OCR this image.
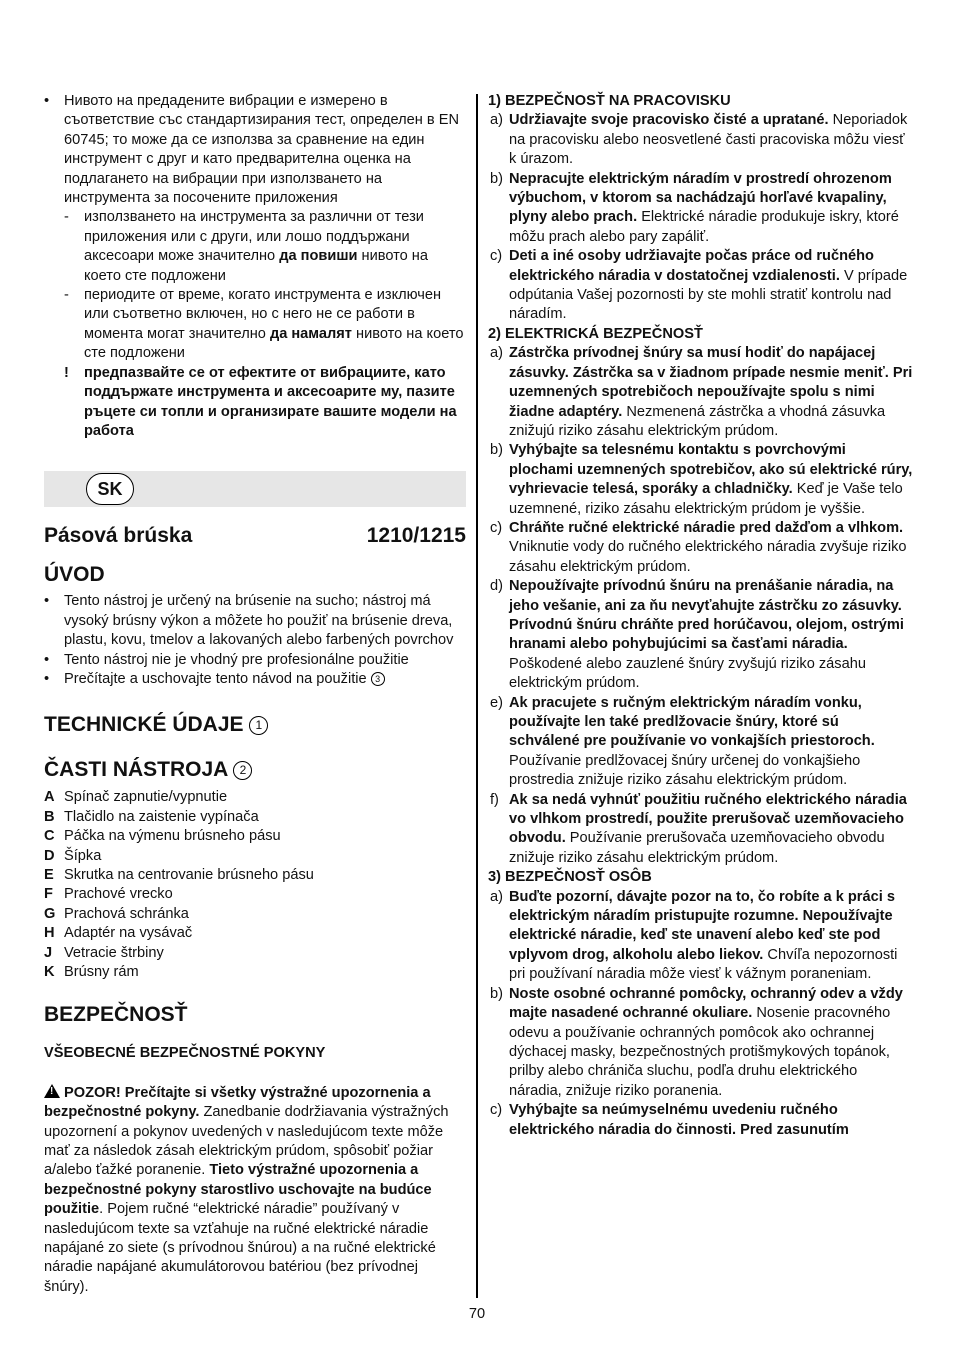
• Нивото на предадените вибрации е измерено в съответствие със стандартизирания тест, определен в EN 60745; то може да се използва за сравнение на един инструмент с друг и като предварителна оценка на подлагането на вибрации при използването на инструмента за посочените приложения
- използването на инструмента за различни от тези приложения или с други, или лошо поддържани аксесоари може значително да повиши нивото на което сте подложени
- периодите от време, когато инструмента е изключен или съответно включен, но с него не се работи в момента могат значително да намалят нивото на което сте подложени
! предпазвайте се от ефектите от вибрациите, като поддържате инструмента и аксесоарите му, пазите ръцете си топли и организирате вашите модели на работа
SK
Pásová brúska	1210/1215
ÚVOD
• Tento nástroj je určený na brúsenie na sucho; nástroj má vysoký brúsny výkon a môžete ho použiť na brúsenie dreva, plastu, kovu, tmelov a lakovaných alebo farbených povrchov
• Tento nástroj nie je vhodný pre profesionálne použitie
• Prečítajte a uschovajte tento návod na použitie 3
TECHNICKÉ ÚDAJE 1
ČASTI NÁSTROJA 2
A Spínač zapnutie/vypnutie
B Tlačidlo na zaistenie vypínača
C Páčka na výmenu brúsneho pásu
D Šípka
E Skrutka na centrovanie brúsneho pásu
F Prachové vrecko
G Prachová schránka
H Adaptér na vysávač
J Vetracie štrbiny
K Brúsny rám
BEZPEČNOSŤ
VŠEOBECNÉ BEZPEČNOSTNÉ POKYNY
!POZOR! Prečítajte si všetky výstražné upozornenia a bezpečnostné pokyny. Zanedbanie dodržiavania výstražných upozornení a pokynov uvedených v nasledujúcom texte môže mať za následok zásah elektrickým prúdom, spôsobiť požiar a/alebo ťažké poranenie. Tieto výstražné upozornenia a bezpečnostné pokyny starostlivo uschovajte na budúce použitie. Pojem ručné “elektrické náradie” používaný v nasledujúcom texte sa vzťahuje na ručné elektrické náradie napájané zo siete (s prívodnou šnúrou) a na ručné elektrické náradie napájané akumulátorovou batériou (bez prívodnej šnúry).
1) BEZPEČNOSŤ NA PRACOVISKU
a) Udržiavajte svoje pracovisko čisté a upratané. Neporiadok na pracovisku alebo neosvetlené časti pracoviska môžu viesť k úrazom.
b) Nepracujte elektrickým náradím v prostredí ohrozenom výbuchom, v ktorom sa nachádzajú horľavé kvapaliny, plyny alebo prach. Elektrické náradie produkuje iskry, ktoré môžu prach alebo pary zapáliť.
c) Deti a iné osoby udržiavajte počas práce od ručného elektrického náradia v dostatočnej vzdialenosti. V prípade odpútania Vašej pozornosti by ste mohli stratiť kontrolu nad náradím.
2) ELEKTRICKÁ BEZPEČNOSŤ
a) Zástrčka prívodnej šnúry sa musí hodiť do napájacej zásuvky. Zástrčka sa v žiadnom prípade nesmie meniť. Pri uzemnených spotrebičoch nepoužívajte spolu s nimi žiadne adaptéry. Nezmenená zástrčka a vhodná zásuvka znižujú riziko zásahu elektrickým prúdom.
b) Vyhýbajte sa telesnému kontaktu s povrchovými plochami uzemnených spotrebičov, ako sú elektrické rúry, vyhrievacie telesá, sporáky a chladničky. Keď je Vaše telo uzemnené, riziko zásahu elektrickým prúdom je vyššie.
c) Chráňte ručné elektrické náradie pred dažďom a vlhkom. Vniknutie vody do ručného elektrického náradia zvyšuje riziko zásahu elektrickým prúdom.
d) Nepoužívajte prívodnú šnúru na prenášanie náradia, na jeho vešanie, ani za ňu nevyťahujte zástrčku zo zásuvky. Prívodnú šnúru chráňte pred horúčavou, olejom, ostrými hranami alebo pohybujúcimi sa časťami náradia. Poškodené alebo zauzlené šnúry zvyšujú riziko zásahu elektrickým prúdom.
e) Ak pracujete s ručným elektrickým náradím vonku, používajte len také predlžovacie šnúry, ktoré sú schválené pre používanie vo vonkajších priestoroch. Používanie predlžovacej šnúry určenej do vonkajšieho prostredia znižuje riziko zásahu elektrickým prúdom.
f) Ak sa nedá vyhnúť použitiu ručného elektrického náradia vo vlhkom prostredí, použite prerušovač uzemňovacieho obvodu. Používanie prerušovača uzemňovacieho obvodu znižuje riziko zásahu elektrickým prúdom.
3) BEZPEČNOSŤ OSÔB
a) Buďte pozorní, dávajte pozor na to, čo robíte a k práci s elektrickým náradím pristupujte rozumne. Nepoužívajte elektrické náradie, keď ste unavení alebo keď ste pod vplyvom drog, alkoholu alebo liekov. Chvíľa nepozornosti pri používaní náradia môže viesť k vážnym poraneniam.
b) Noste osobné ochranné pomôcky, ochranný odev a vždy majte nasadené ochranné okuliare. Nosenie pracovného odevu a používanie ochranných pomôcok ako ochrannej dýchacej masky, bezpečnostných protišmykových topánok, prilby alebo chrániča sluchu, podľa druhu elektrického náradia, znižuje riziko poranenia.
c) Vyhýbajte sa neúmyselnému uvedeniu ručného elektrického náradia do činnosti. Pred zasunutím
70
